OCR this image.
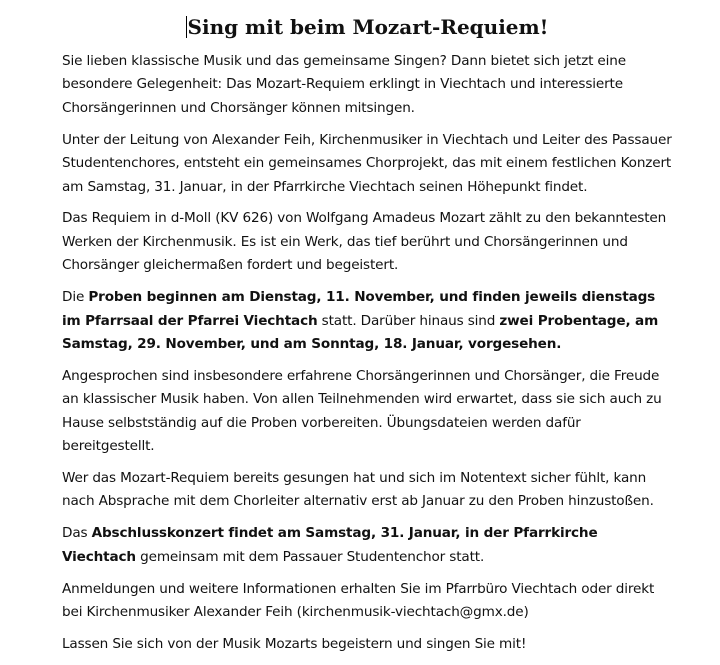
Sing mit beim Mozart-Requiem!

Sie lieben klassische Musik und das gemeinsame Singen? Dann bietet sich jetzt eine besondere Gelegenheit: Das Mozart-Requiem erklingt in Viechtach und interessierte Chorsängerinnen und Chorsänger können mitsingen.

Unter der Leitung von Alexander Feih, Kirchenmusiker in Viechtach und Leiter des Passauer Studentenchores, entsteht ein gemeinsames Chorprojekt, das mit einem festlichen Konzert am Samstag, 31. Januar, in der Pfarrkirche Viechtach seinen Höhepunkt findet.

Das Requiem in d-Moll (KV 626) von Wolfgang Amadeus Mozart zählt zu den bekanntesten Werken der Kirchenmusik. Es ist ein Werk, das tief berührt und Chorsängerinnen und Chorsänger gleichermaßen fordert und begeistert.

Die Proben beginnen am Dienstag, 11. November, und finden jeweils dienstags im Pfarrsaal der Pfarrei Viechtach statt. Darüber hinaus sind zwei Probentage, am Samstag, 29. November, und am Sonntag, 18. Januar, vorgesehen.

Angesprochen sind insbesondere erfahrene Chorsängerinnen und Chorsänger, die Freude an klassischer Musik haben. Von allen Teilnehmenden wird erwartet, dass sie sich auch zu Hause selbstständig auf die Proben vorbereiten. Übungsdateien werden dafür bereitgestellt.

Wer das Mozart-Requiem bereits gesungen hat und sich im Notentext sicher fühlt, kann nach Absprache mit dem Chorleiter alternativ erst ab Januar zu den Proben hinzustoßen.

Das Abschlusskonzert findet am Samstag, 31. Januar, in der Pfarrkirche Viechtach gemeinsam mit dem Passauer Studentenchor statt.

Anmeldungen und weitere Informationen erhalten Sie im Pfarrbüro Viechtach oder direkt bei Kirchenmusiker Alexander Feih (kirchenmusik-viechtach@gmx.de)

Lassen Sie sich von der Musik Mozarts begeistern und singen Sie mit!
